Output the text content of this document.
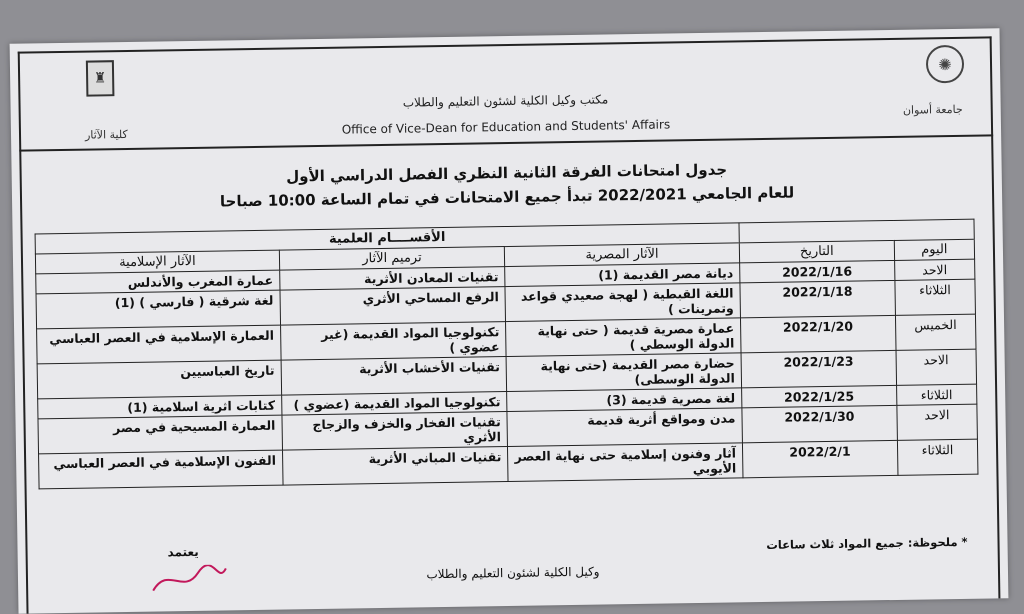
✺
♜
مكتب وكيل الكلية لشئون التعليم والطلاب
Office of Vice-Dean for Education and Students' Affairs
جامعة أسوان
كلية الآثار
جدول امتحانات الفرقة الثانية النظري الفصل الدراسي الأول
للعام الجامعي 2022/2021 تبدأ جميع الامتحانات في تمام الساعة 10:00 صباحا
		الأقســــام العلمية		
اليوم	التاريخ	الآثار المصرية	ترميم الآثار	الآثار الإسلامية
الاحد	2022/1/16	ديانة مصر القديمة (1)	تقنيات المعادن الأثرية	عمارة المغرب والأندلس
الثلاثاء	2022/1/18	اللغة القبطية ( لهجة صعيدي قواعد وتمرينات )	الرفع المساحي الأثري	لغة شرقية ( فارسي ) (1)
الخميس	2022/1/20	عمارة مصرية قديمة ( حتى نهاية الدولة الوسطي )	تكنولوجيا المواد القديمة (غير عضوي )	العمارة الإسلامية في العصر العباسي
الاحد	2022/1/23	حضارة مصر القديمة (حتى نهاية الدولة الوسطى)	تقنيات الأخشاب الأثرية	تاريخ العباسيين
الثلاثاء	2022/1/25	لغة مصرية قديمة (3)	تكنولوجيا المواد القديمة (عضوي )	كتابات اثرية اسلامية (1)
الاحد	2022/1/30	مدن ومواقع أثرية قديمة	تقنيات الفخار والخزف والزجاج الأثري	العمارة المسيحية في مصر
الثلاثاء	2022/2/1	آثار وفنون إسلامية حتى نهاية العصر الأيوبي	تقنيات المباني الأثرية	الفنون الإسلامية في العصر العباسي
* ملحوظة: جميع المواد ثلاث ساعات
يعتمد
وكيل الكلية لشئون التعليم والطلاب
